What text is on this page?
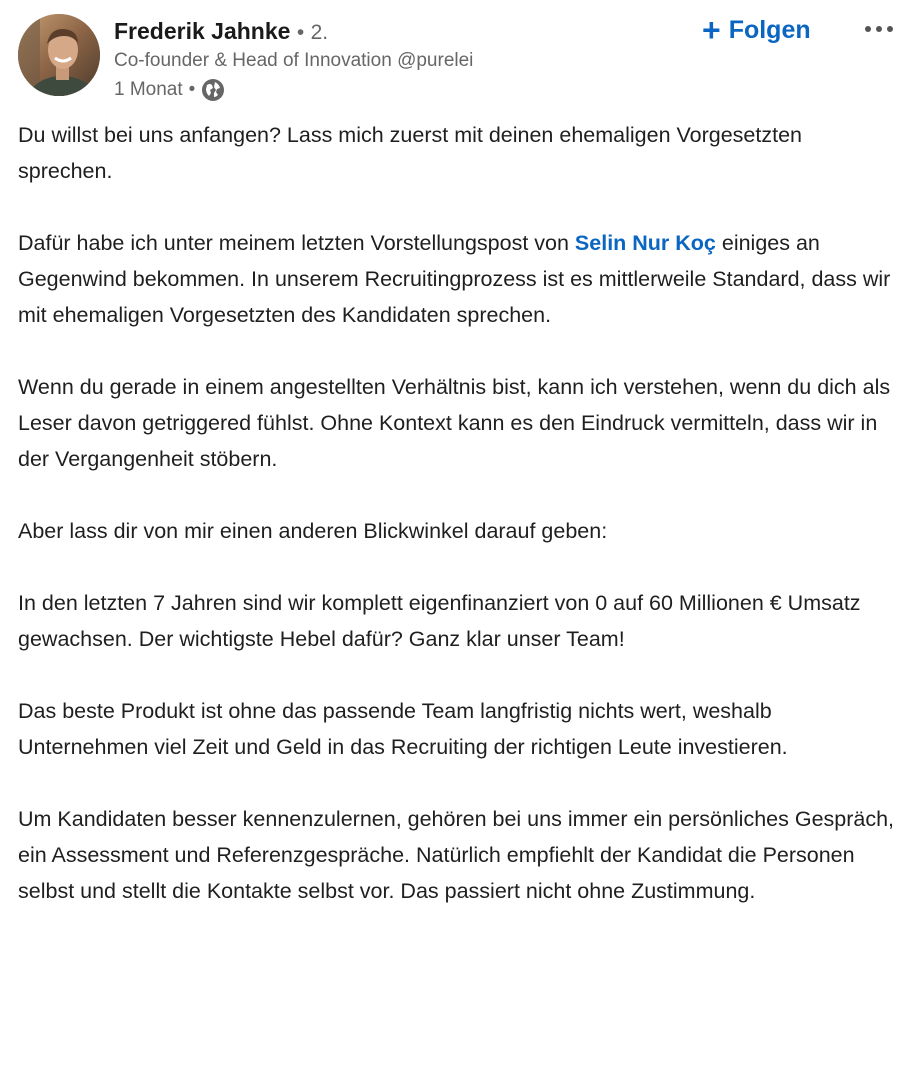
Frederik Jahnke • 2.
Co-founder & Head of Innovation @purelei
1 Monat •
+ Folgen

Du willst bei uns anfangen? Lass mich zuerst mit deinen ehemaligen Vorgesetzten sprechen.

Dafür habe ich unter meinem letzten Vorstellungspost von Selin Nur Koç einiges an Gegenwind bekommen. In unserem Recruitingprozess ist es mittlerweile Standard, dass wir mit ehemaligen Vorgesetzten des Kandidaten sprechen.

Wenn du gerade in einem angestellten Verhältnis bist, kann ich verstehen, wenn du dich als Leser davon getriggered fühlst. Ohne Kontext kann es den Eindruck vermitteln, dass wir in der Vergangenheit stöbern.

Aber lass dir von mir einen anderen Blickwinkel darauf geben:

In den letzten 7 Jahren sind wir komplett eigenfinanziert von 0 auf 60 Millionen € Umsatz gewachsen. Der wichtigste Hebel dafür? Ganz klar unser Team!

Das beste Produkt ist ohne das passende Team langfristig nichts wert, weshalb Unternehmen viel Zeit und Geld in das Recruiting der richtigen Leute investieren.

Um Kandidaten besser kennenzulernen, gehören bei uns immer ein persönliches Gespräch, ein Assessment und Referenzgespräche. Natürlich empfiehlt der Kandidat die Personen selbst und stellt die Kontakte selbst vor. Das passiert nicht ohne Zustimmung.
